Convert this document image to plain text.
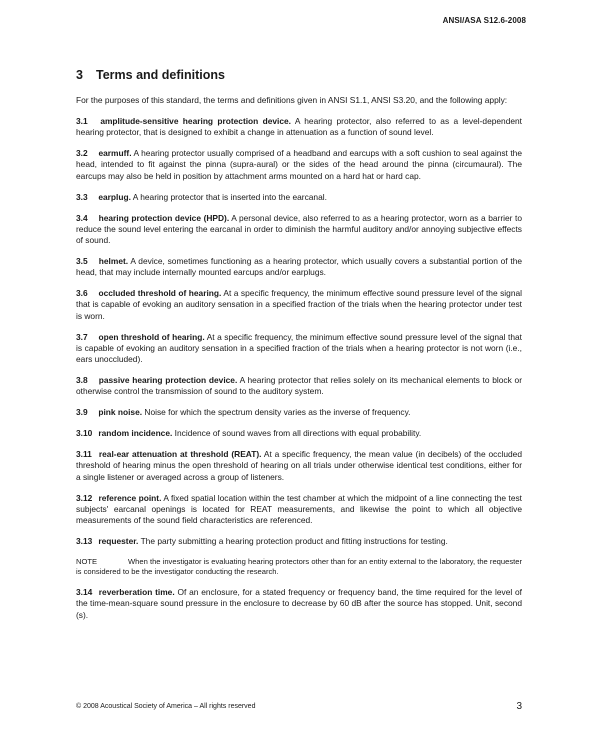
ANSI/ASA S12.6-2008
3 Terms and definitions

For the purposes of this standard, the terms and definitions given in ANSI S1.1, ANSI S3.20, and the following apply:

3.1 amplitude-sensitive hearing protection device. A hearing protector, also referred to as a level-dependent hearing protector, that is designed to exhibit a change in attenuation as a function of sound level.

3.2 earmuff. A hearing protector usually comprised of a headband and earcups with a soft cushion to seal against the head, intended to fit against the pinna (supra-aural) or the sides of the head around the pinna (circumaural). The earcups may also be held in position by attachment arms mounted on a hard hat or hard cap.

3.3 earplug. A hearing protector that is inserted into the earcanal.

3.4 hearing protection device (HPD). A personal device, also referred to as a hearing protector, worn as a barrier to reduce the sound level entering the earcanal in order to diminish the harmful auditory and/or annoying subjective effects of sound.

3.5 helmet. A device, sometimes functioning as a hearing protector, which usually covers a substantial portion of the head, that may include internally mounted earcups and/or earplugs.

3.6 occluded threshold of hearing. At a specific frequency, the minimum effective sound pressure level of the signal that is capable of evoking an auditory sensation in a specified fraction of the trials when the hearing protector under test is worn.

3.7 open threshold of hearing. At a specific frequency, the minimum effective sound pressure level of the signal that is capable of evoking an auditory sensation in a specified fraction of the trials when a hearing protector is not worn (i.e., ears unoccluded).

3.8 passive hearing protection device. A hearing protector that relies solely on its mechanical elements to block or otherwise control the transmission of sound to the auditory system.

3.9 pink noise. Noise for which the spectrum density varies as the inverse of frequency.

3.10 random incidence. Incidence of sound waves from all directions with equal probability.

3.11 real-ear attenuation at threshold (REAT). At a specific frequency, the mean value (in decibels) of the occluded threshold of hearing minus the open threshold of hearing on all trials under otherwise identical test conditions, either for a single listener or averaged across a group of listeners.

3.12 reference point. A fixed spatial location within the test chamber at which the midpoint of a line connecting the test subjects' earcanal openings is located for REAT measurements, and likewise the point to which all objective measurements of the sound field characteristics are referenced.

3.13 requester. The party submitting a hearing protection product and fitting instructions for testing.

NOTE	When the investigator is evaluating hearing protectors other than for an entity external to the laboratory, the requester is considered to be the investigator conducting the research.

3.14 reverberation time. Of an enclosure, for a stated frequency or frequency band, the time required for the level of the time-mean-square sound pressure in the enclosure to decrease by 60 dB after the source has stopped. Unit, second (s).

© 2008 Acoustical Society of America – All rights reserved	3
